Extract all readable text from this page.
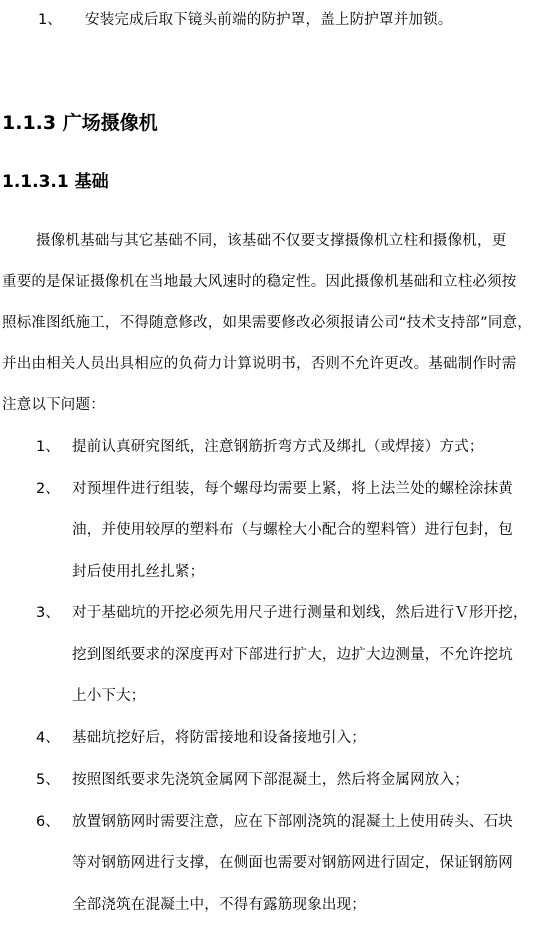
1、 安装完成后取下镜头前端的防护罩，盖上防护罩并加锁。
1.1.3 广场摄像机
1.1.3.1 基础
摄像机基础与其它基础不同，该基础不仅要支撑摄像机立柱和摄像机，更
重要的是保证摄像机在当地最大风速时的稳定性。因此摄像机基础和立柱必须按
照标准图纸施工，不得随意修改，如果需要修改必须报请公司“技术支持部”同意，
并出由相关人员出具相应的负荷力计算说明书，否则不允许更改。基础制作时需
注意以下问题：
1、 提前认真研究图纸，注意钢筋折弯方式及绑扎（或焊接）方式；
2、 对预埋件进行组装，每个螺母均需要上紧，将上法兰处的螺栓涂抹黄
油，并使用较厚的塑料布（与螺栓大小配合的塑料管）进行包封，包
封后使用扎丝扎紧；
3、 对于基础坑的开挖必须先用尺子进行测量和划线，然后进行Ｖ形开挖，
挖到图纸要求的深度再对下部进行扩大，边扩大边测量，不允许挖坑
上小下大；
4、 基础坑挖好后，将防雷接地和设备接地引入；
5、 按照图纸要求先浇筑金属网下部混凝土，然后将金属网放入；
6、 放置钢筋网时需要注意，应在下部刚浇筑的混凝土上使用砖头、石块
等对钢筋网进行支撑，在侧面也需要对钢筋网进行固定，保证钢筋网
全部浇筑在混凝土中，不得有露筋现象出现；
